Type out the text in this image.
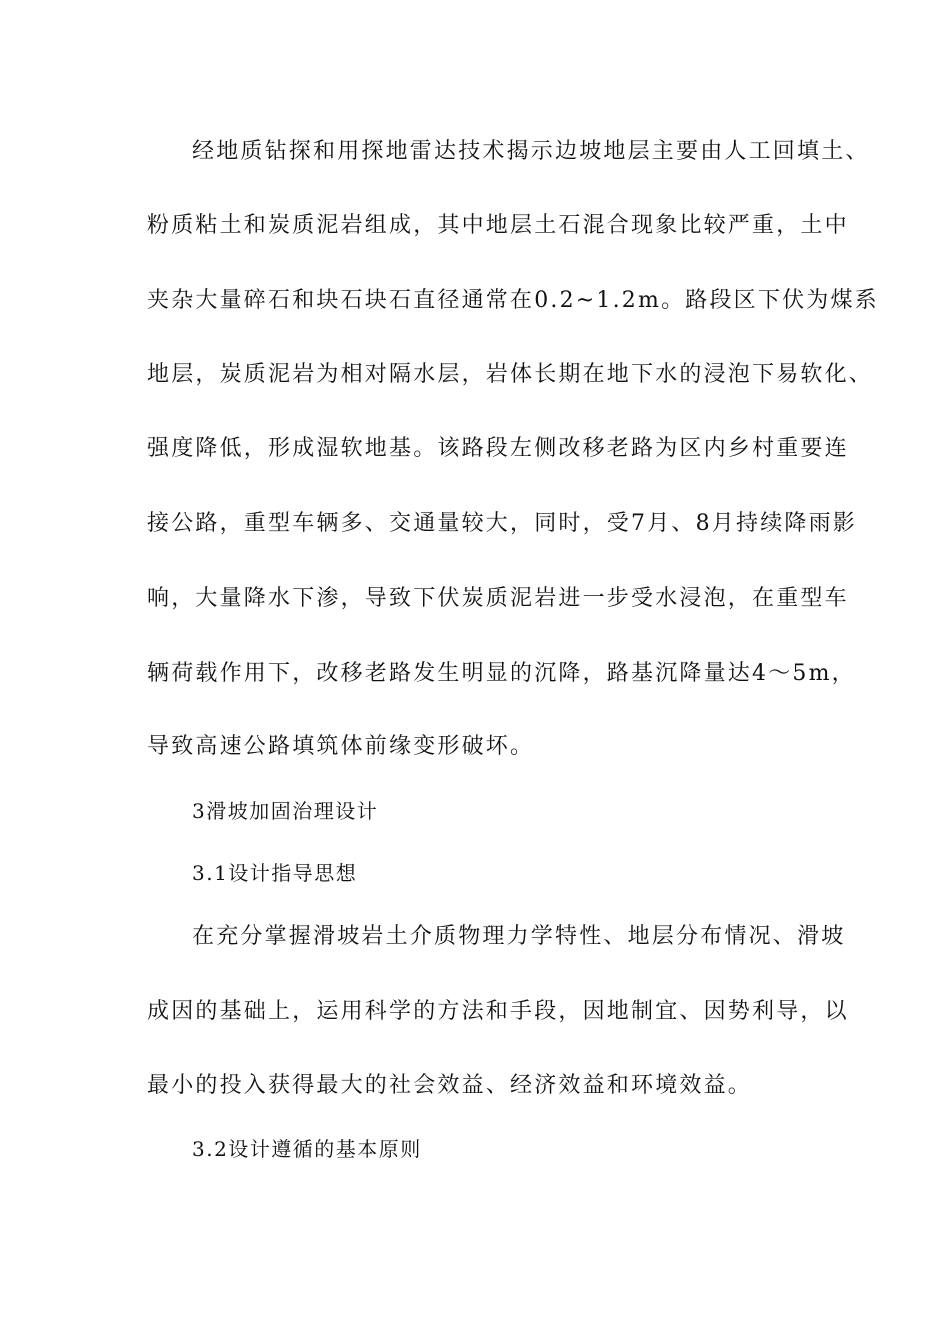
经地质钻探和用探地雷达技术揭示边坡地层主要由人工回填土、
粉质粘土和炭质泥岩组成，其中地层土石混合现象比较严重，土中
夹杂大量碎石和块石块石直径通常在0.2~1.2m。路段区下伏为煤系
地层，炭质泥岩为相对隔水层，岩体长期在地下水的浸泡下易软化、
强度降低，形成湿软地基。该路段左侧改移老路为区内乡村重要连
接公路，重型车辆多、交通量较大，同时，受7月、8月持续降雨影
响，大量降水下渗，导致下伏炭质泥岩进一步受水浸泡，在重型车
辆荷载作用下，改移老路发生明显的沉降，路基沉降量达4～5m，
导致高速公路填筑体前缘变形破坏。
3滑坡加固治理设计
3.1设计指导思想
在充分掌握滑坡岩土介质物理力学特性、地层分布情况、滑坡
成因的基础上，运用科学的方法和手段，因地制宜、因势利导，以
最小的投入获得最大的社会效益、经济效益和环境效益。
3.2设计遵循的基本原则
